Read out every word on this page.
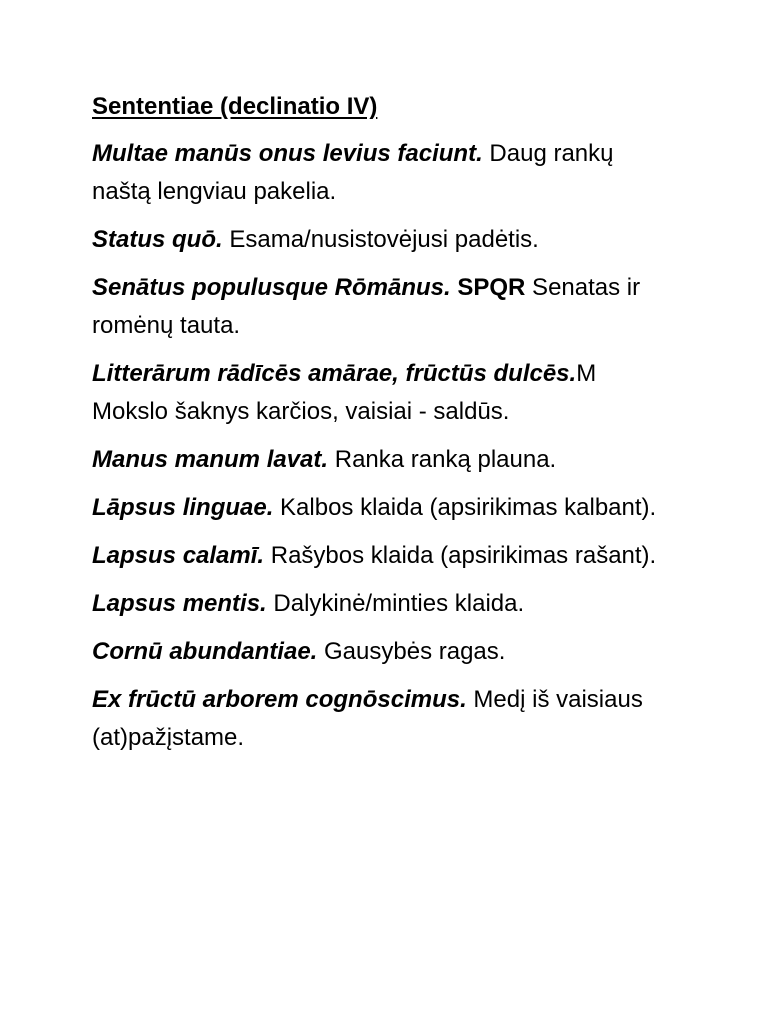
Sententiae (declinatio IV)

Multae manūs onus levius faciunt. Daug rankų naštą lengviau pakelia.

Status quō. Esama/nusistovėjusi padėtis.

Senātus populusque Rōmānus. SPQR Senatas ir romėnų tauta.

Litterārum rādīcēs amārae, frūctūs dulcēs.M Mokslo šaknys karčios, vaisiai - saldūs.

Manus manum lavat. Ranka ranką plauna.

Lāpsus linguae. Kalbos klaida (apsirikimas kalbant).

Lapsus calamī. Rašybos klaida (apsirikimas rašant).

Lapsus mentis. Dalykinė/minties klaida.

Cornū abundantiae. Gausybės ragas.

Ex frūctū arborem cognōscimus. Medį iš vaisiaus (at)pažįstame.
